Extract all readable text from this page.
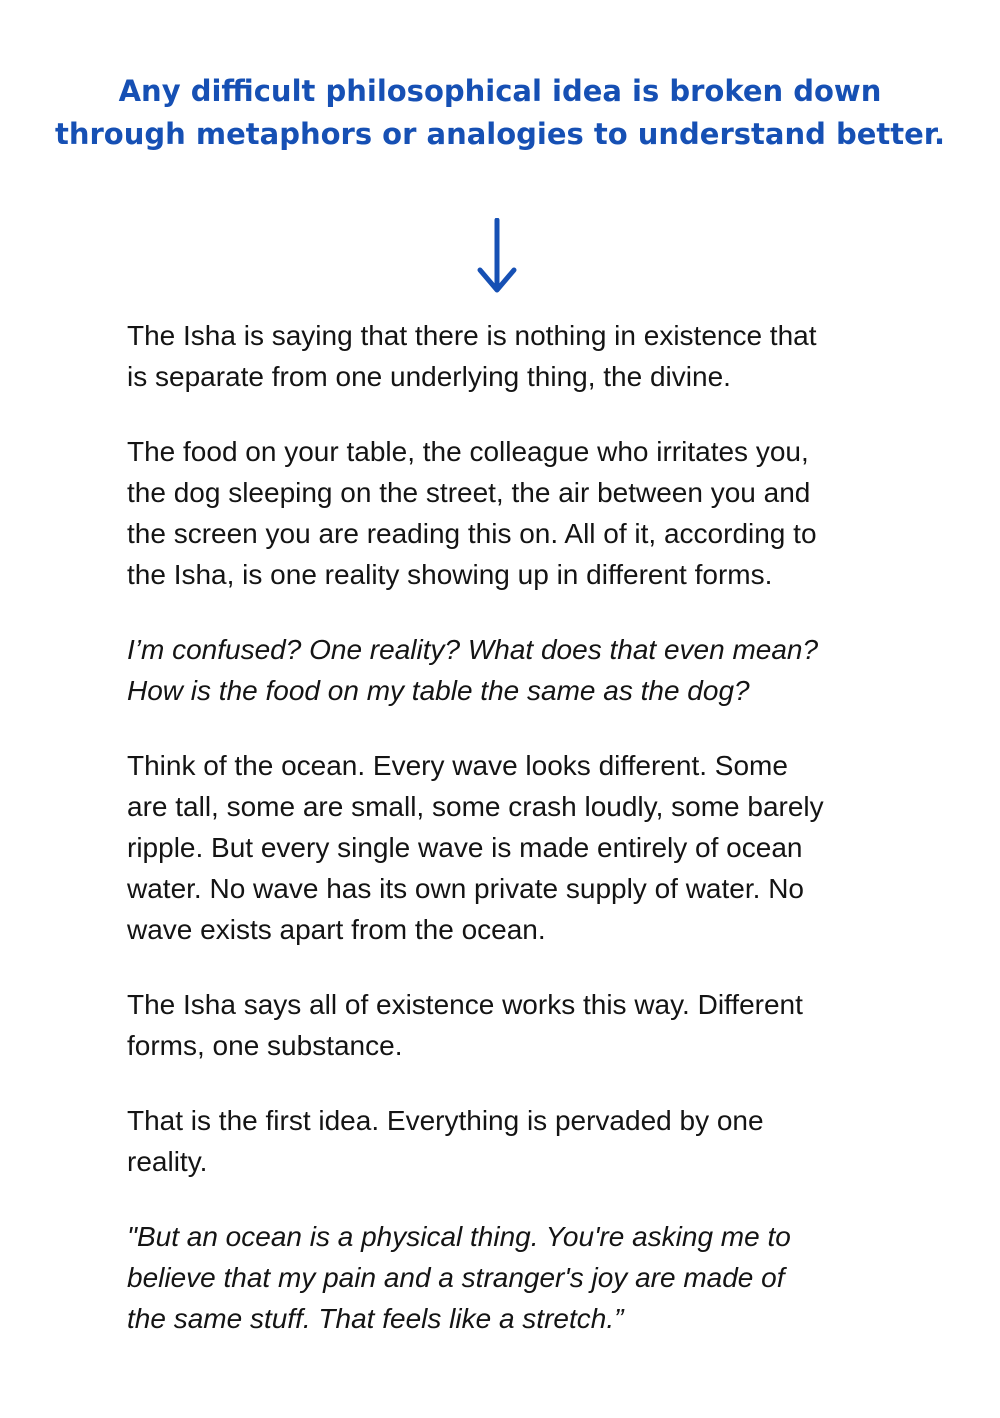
Any difficult philosophical idea is broken down
through metaphors or analogies to understand better.

The Isha is saying that there is nothing in existence that
is separate from one underlying thing, the divine.

The food on your table, the colleague who irritates you,
the dog sleeping on the street, the air between you and
the screen you are reading this on. All of it, according to
the Isha, is one reality showing up in different forms.

I’m confused? One reality? What does that even mean?
How is the food on my table the same as the dog?

Think of the ocean. Every wave looks different. Some
are tall, some are small, some crash loudly, some barely
ripple. But every single wave is made entirely of ocean
water. No wave has its own private supply of water. No
wave exists apart from the ocean.

The Isha says all of existence works this way. Different
forms, one substance.

That is the first idea. Everything is pervaded by one
reality.

"But an ocean is a physical thing. You're asking me to
believe that my pain and a stranger's joy are made of
the same stuff. That feels like a stretch.”
